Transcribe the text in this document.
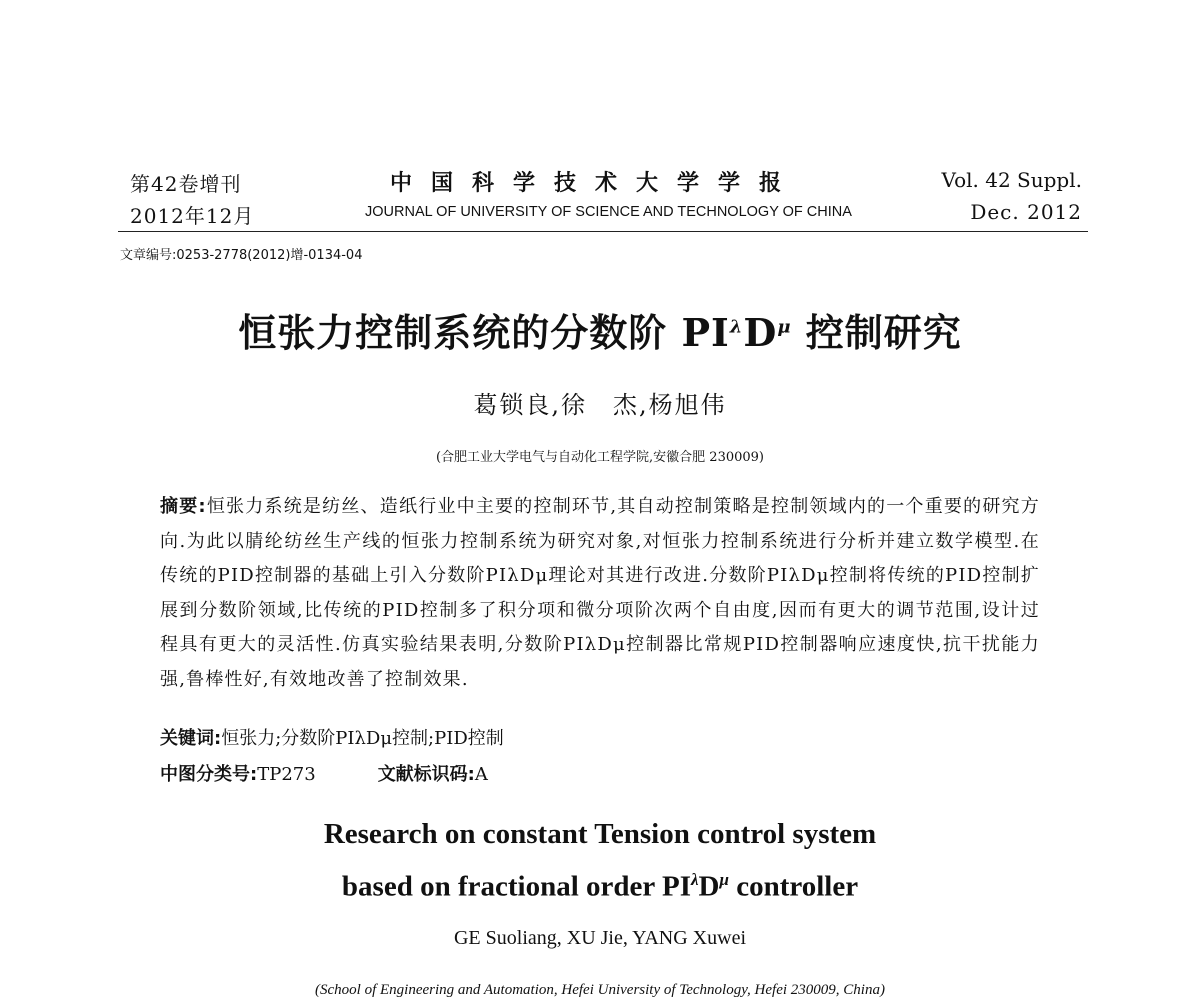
第42卷增刊
2012年12月
中国科学技术大学学报
JOURNAL OF UNIVERSITY OF SCIENCE AND TECHNOLOGY OF CHINA
Vol. 42 Suppl.
Dec. 2012
文章编号:0253-2778(2012)增-0134-04
恒张力控制系统的分数阶 $PI^\lambda D^\mu$ 控制研究
葛锁良,徐　杰,杨旭伟
(合肥工业大学电气与自动化工程学院,安徽合肥 230009)
摘要:恒张力系统是纺丝、造纸行业中主要的控制环节,其自动控制策略是控制领域内的一个重要的研究方向.为此以腈纶纺丝生产线的恒张力控制系统为研究对象,对恒张力控制系统进行分析并建立数学模型.在传统的PID控制器的基础上引入分数阶PIλDμ理论对其进行改进.分数阶PIλDμ控制将传统的PID控制扩展到分数阶领域,比传统的PID控制多了积分项和微分项阶次两个自由度,因而有更大的调节范围,设计过程具有更大的灵活性.仿真实验结果表明,分数阶PIλDμ控制器比常规PID控制器响应速度快,抗干扰能力强,鲁棒性好,有效地改善了控制效果.
关键词:恒张力;分数阶PIλDμ控制;PID控制
中图分类号:TP273	文献标识码:A
Research on constant Tension control system
based on fractional order $PI^\lambda D^\mu$ controller
GE Suoliang, XU Jie, YANG Xuwei
(School of Engineering and Automation, Hefei University of Technology, Hefei 230009, China)
